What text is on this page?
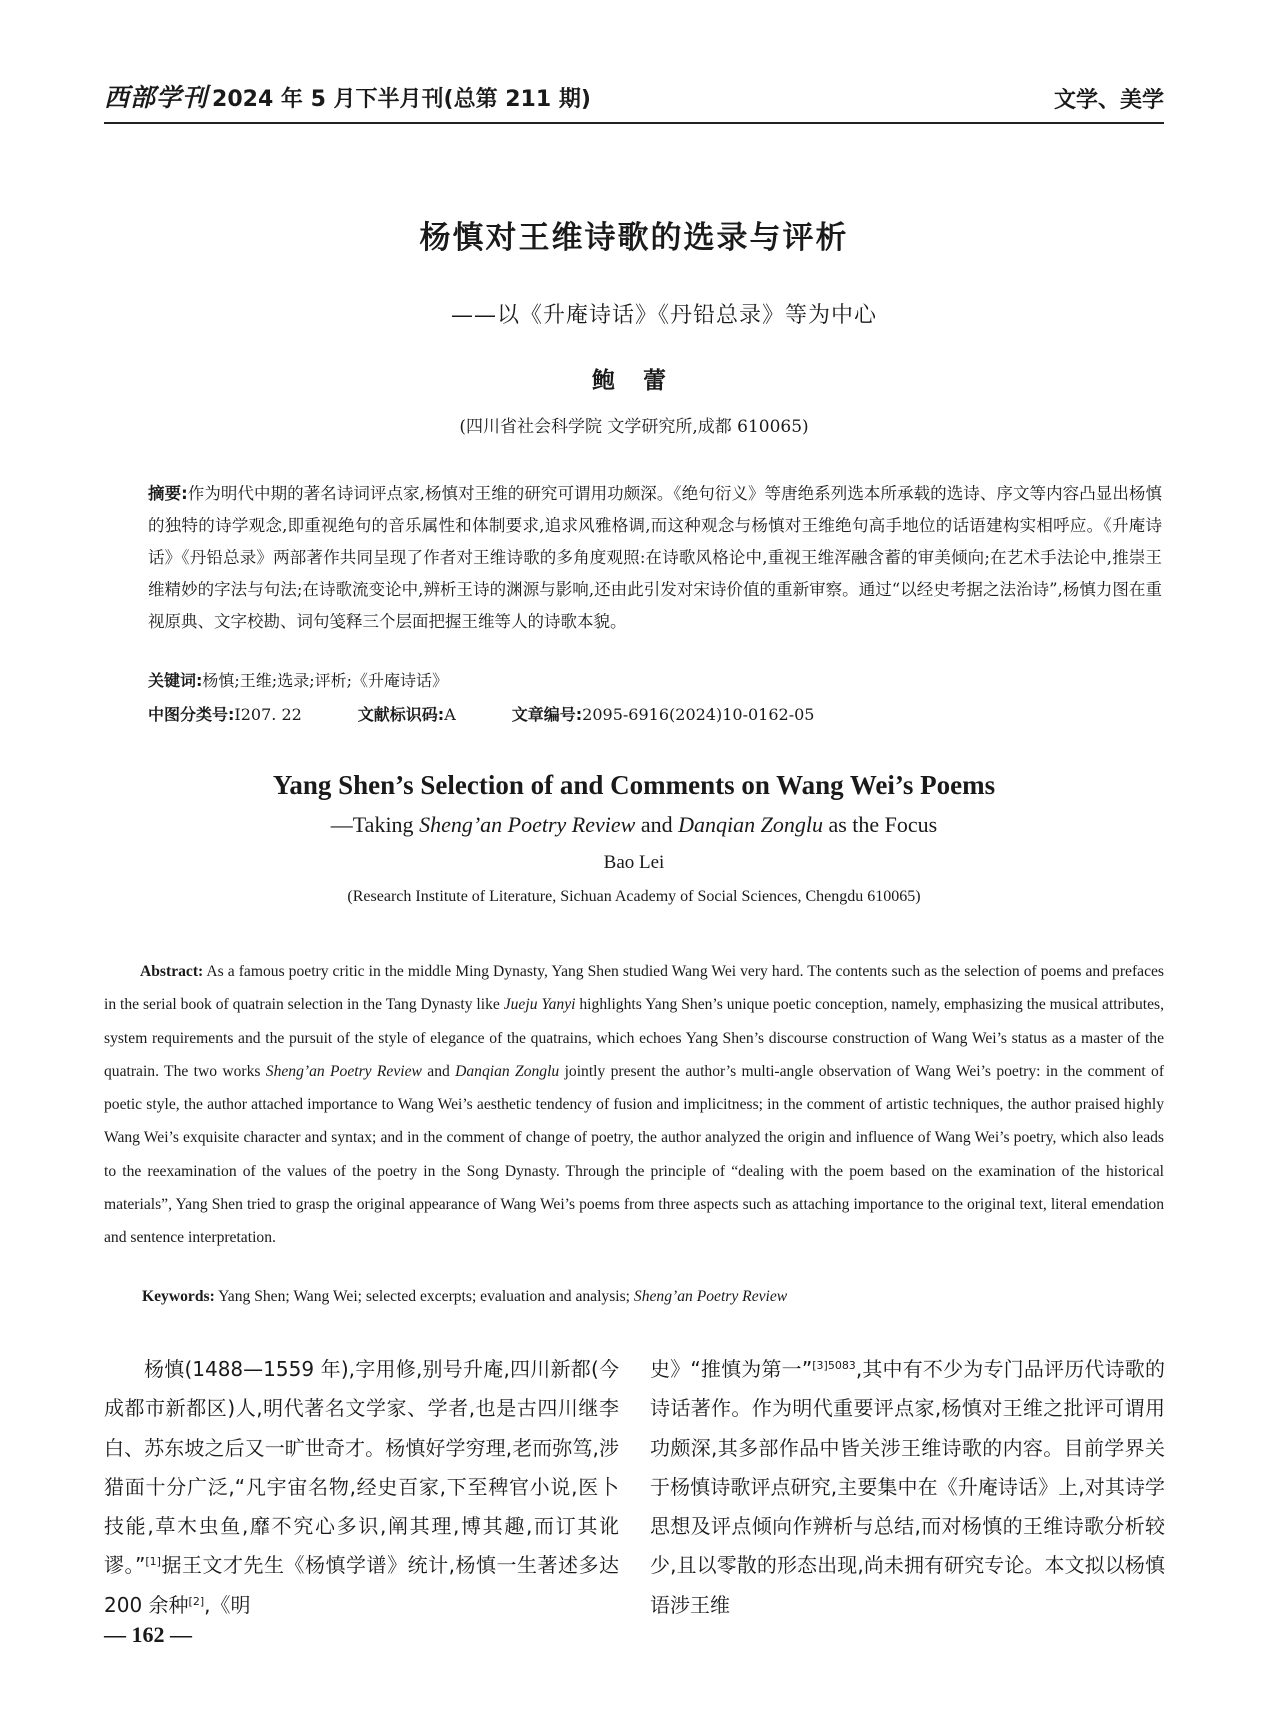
西部学刊 2024 年 5 月下半月刊(总第 211 期)	文学、美学
杨慎对王维诗歌的选录与评析
——以《升庵诗话》《丹铅总录》等为中心
鲍 蕾
(四川省社会科学院 文学研究所,成都 610065)
摘要:作为明代中期的著名诗词评点家,杨慎对王维的研究可谓用功颇深。《绝句衍义》等唐绝系列选本所承载的选诗、序文等内容凸显出杨慎的独特的诗学观念,即重视绝句的音乐属性和体制要求,追求风雅格调,而这种观念与杨慎对王维绝句高手地位的话语建构实相呼应。《升庵诗话》《丹铅总录》两部著作共同呈现了作者对王维诗歌的多角度观照:在诗歌风格论中,重视王维浑融含蓄的审美倾向;在艺术手法论中,推崇王维精妙的字法与句法;在诗歌流变论中,辨析王诗的渊源与影响,还由此引发对宋诗价值的重新审察。通过“以经史考据之法治诗”,杨慎力图在重视原典、文字校勘、词句笺释三个层面把握王维等人的诗歌本貌。
关键词:杨慎;王维;选录;评析;《升庵诗话》
中图分类号:I207. 22	文献标识码:A	文章编号:2095-6916(2024)10-0162-05
Yang Shen’s Selection of and Comments on Wang Wei’s Poems
—Taking Sheng’an Poetry Review and Danqian Zonglu as the Focus
Bao Lei
(Research Institute of Literature, Sichuan Academy of Social Sciences, Chengdu 610065)
Abstract: As a famous poetry critic in the middle Ming Dynasty, Yang Shen studied Wang Wei very hard. The contents such as the selection of poems and prefaces in the serial book of quatrain selection in the Tang Dynasty like Jueju Yanyi highlights Yang Shen’s unique poetic conception, namely, emphasizing the musical attributes, system requirements and the pursuit of the style of elegance of the quatrains, which echoes Yang Shen’s discourse construction of Wang Wei’s status as a master of the quatrain. The two works Sheng’an Poetry Review and Danqian Zonglu jointly present the author’s multi-angle observation of Wang Wei’s poetry: in the comment of poetic style, the author attached importance to Wang Wei’s aesthetic tendency of fusion and implicitness; in the comment of artistic techniques, the author praised highly Wang Wei’s exquisite character and syntax; and in the comment of change of poetry, the author analyzed the origin and influence of Wang Wei’s poetry, which also leads to the reexamination of the values of the poetry in the Song Dynasty. Through the principle of “dealing with the poem based on the examination of the historical materials”, Yang Shen tried to grasp the original appearance of Wang Wei’s poems from three aspects such as attaching importance to the original text, literal emendation and sentence interpretation.
Keywords: Yang Shen; Wang Wei; selected excerpts; evaluation and analysis; Sheng’an Poetry Review
杨慎(1488—1559 年),字用修,别号升庵,四川新都(今成都市新都区)人,明代著名文学家、学者,也是古四川继李白、苏东坡之后又一旷世奇才。杨慎好学穷理,老而弥笃,涉猎面十分广泛,“凡宇宙名物,经史百家,下至稗官小说,医卜技能,草木虫鱼,靡不究心多识,阐其理,博其趣,而订其讹谬。”[1]据王文才先生《杨慎学谱》统计,杨慎一生著述多达 200 余种[2],《明
史》“推慎为第一”$^{[3]5083}$,其中有不少为专门品评历代诗歌的诗话著作。作为明代重要评点家,杨慎对王维之批评可谓用功颇深,其多部作品中皆关涉王维诗歌的内容。目前学界关于杨慎诗歌评点研究,主要集中在《升庵诗话》上,对其诗学思想及评点倾向作辨析与总结,而对杨慎的王维诗歌分析较少,且以零散的形态出现,尚未拥有研究专论。本文拟以杨慎语涉王维
— 162 —
